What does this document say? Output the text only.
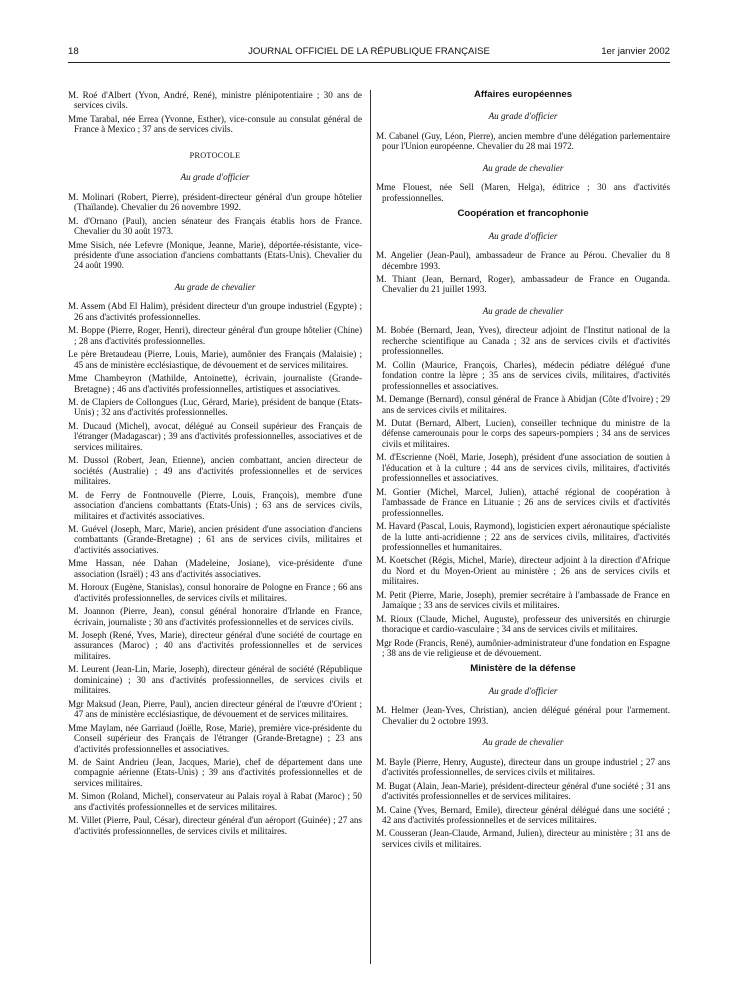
18	JOURNAL OFFICIEL DE LA RÉPUBLIQUE FRANÇAISE	1er janvier 2002

M. Roé d'Albert (Yvon, André, René), ministre plénipotentiaire ; 30 ans de services civils.

Mme Tarabal, née Errea (Yvonne, Esther), vice-consule au consulat général de France à Mexico ; 37 ans de services civils.

PROTOCOLE
Au grade d'officier

M. Molinari (Robert, Pierre), président-directeur général d'un groupe hôtelier (Thaïlande). Chevalier du 26 novembre 1992.

M. d'Ornano (Paul), ancien sénateur des Français établis hors de France. Chevalier du 30 août 1973.

Mme Sisich, née Lefevre (Monique, Jeanne, Marie), déportée-résistante, vice-présidente d'une association d'anciens combattants (Etats-Unis). Chevalier du 24 août 1990.

Au grade de chevalier

M. Assem (Abd El Halim), président directeur d'un groupe industriel (Egypte) ; 26 ans d'activités professionnelles.

M. Boppe (Pierre, Roger, Henri), directeur général d'un groupe hôtelier (Chine) ; 28 ans d'activités professionnelles.

Le père Bretaudeau (Pierre, Louis, Marie), aumônier des Français (Malaisie) ; 45 ans de ministère ecclésiastique, de dévouement et de services militaires.

Mme Chambeyron (Mathilde, Antoinette), écrivain, journaliste (Grande-Bretagne) ; 46 ans d'activités professionnelles, artistiques et associatives.

M. de Clapiers de Collongues (Luc, Gérard, Marie), président de banque (Etats-Unis) ; 32 ans d'activités professionnelles.

M. Ducaud (Michel), avocat, délégué au Conseil supérieur des Français de l'étranger (Madagascar) ; 39 ans d'activités professionnelles, associatives et de services militaires.

M. Dussol (Robert, Jean, Etienne), ancien combattant, ancien directeur de sociétés (Australie) ; 49 ans d'activités professionnelles et de services militaires.

M. de Ferry de Fontnouvelle (Pierre, Louis, François), membre d'une association d'anciens combattants (Etats-Unis) ; 63 ans de services civils, militaires et d'activités associatives.

M. Guével (Joseph, Marc, Marie), ancien président d'une association d'anciens combattants (Grande-Bretagne) ; 61 ans de services civils, militaires et d'activités associatives.

Mme Hassan, née Dahan (Madeleine, Josiane), vice-présidente d'une association (Israël) ; 43 ans d'activités associatives.

M. Horoux (Eugène, Stanislas), consul honoraire de Pologne en France ; 66 ans d'activités professionnelles, de services civils et militaires.

M. Joannon (Pierre, Jean), consul général honoraire d'Irlande en France, écrivain, journaliste ; 30 ans d'activités professionnelles et de services civils.

M. Joseph (René, Yves, Marie), directeur général d'une société de courtage en assurances (Maroc) ; 40 ans d'activités professionnelles et de services militaires.

M. Leurent (Jean-Lin, Marie, Joseph), directeur général de société (République dominicaine) ; 30 ans d'activités professionnelles, de services civils et militaires.

Mgr Maksud (Jean, Pierre, Paul), ancien directeur général de l'œuvre d'Orient ; 47 ans de ministère ecclésiastique, de dévouement et de services militaires.

Mme Maylam, née Garriaud (Joëlle, Rose, Marie), première vice-présidente du Conseil supérieur des Français de l'étranger (Grande-Bretagne) ; 23 ans d'activités professionnelles et associatives.

M. de Saint Andrieu (Jean, Jacques, Marie), chef de département dans une compagnie aérienne (Etats-Unis) ; 39 ans d'activités professionnelles et de services militaires.

M. Simon (Roland, Michel), conservateur au Palais royal à Rabat (Maroc) ; 50 ans d'activités professionnelles et de services militaires.

M. Villet (Pierre, Paul, César), directeur général d'un aéroport (Guinée) ; 27 ans d'activités professionnelles, de services civils et militaires.

Affaires européennes
Au grade d'officier

M. Cabanel (Guy, Léon, Pierre), ancien membre d'une délégation parlementaire pour l'Union européenne. Chevalier du 28 mai 1972.

Au grade de chevalier

Mme Flouest, née Sell (Maren, Helga), éditrice ; 30 ans d'activités professionnelles.

Coopération et francophonie
Au grade d'officier

M. Angelier (Jean-Paul), ambassadeur de France au Pérou. Chevalier du 8 décembre 1993.

M. Thiant (Jean, Bernard, Roger), ambassadeur de France en Ouganda. Chevalier du 21 juillet 1993.

Au grade de chevalier

M. Bobée (Bernard, Jean, Yves), directeur adjoint de l'Institut national de la recherche scientifique au Canada ; 32 ans de services civils et d'activités professionnelles.

M. Collin (Maurice, François, Charles), médecin pédiatre délégué d'une fondation contre la lèpre ; 35 ans de services civils, militaires, d'activités professionnelles et associatives.

M. Demange (Bernard), consul général de France à Abidjan (Côte d'Ivoire) ; 29 ans de services civils et militaires.

M. Dutat (Bernard, Albert, Lucien), conseiller technique du ministre de la défense camerounais pour le corps des sapeurs-pompiers ; 34 ans de services civils et militaires.

M. d'Escrienne (Noël, Marie, Joseph), président d'une association de soutien à l'éducation et à la culture ; 44 ans de services civils, militaires, d'activités professionnelles et associatives.

M. Gontier (Michel, Marcel, Julien), attaché régional de coopération à l'ambassade de France en Lituanie ; 26 ans de services civils et d'activités professionnelles.

M. Havard (Pascal, Louis, Raymond), logisticien expert aéronautique spécialiste de la lutte anti-acridienne ; 22 ans de services civils, militaires, d'activités professionnelles et humanitaires.

M. Koetschet (Régis, Michel, Marie), directeur adjoint à la direction d'Afrique du Nord et du Moyen-Orient au ministère ; 26 ans de services civils et militaires.

M. Petit (Pierre, Marie, Joseph), premier secrétaire à l'ambassade de France en Jamaïque ; 33 ans de services civils et militaires.

M. Rioux (Claude, Michel, Auguste), professeur des universités en chirurgie thoracique et cardio-vasculaire ; 34 ans de services civils et militaires.

Mgr Rode (Francis, René), aumônier-administrateur d'une fondation en Espagne ; 38 ans de vie religieuse et de dévouement.

Ministère de la défense
Au grade d'officier

M. Helmer (Jean-Yves, Christian), ancien délégué général pour l'armement. Chevalier du 2 octobre 1993.

Au grade de chevalier

M. Bayle (Pierre, Henry, Auguste), directeur dans un groupe industriel ; 27 ans d'activités professionnelles, de services civils et militaires.

M. Bugat (Alain, Jean-Marie), président-directeur général d'une société ; 31 ans d'activités professionnelles et de services militaires.

M. Caine (Yves, Bernard, Emile), directeur général délégué dans une société ; 42 ans d'activités professionnelles et de services militaires.

M. Cousseran (Jean-Claude, Armand, Julien), directeur au ministère ; 31 ans de services civils et militaires.
